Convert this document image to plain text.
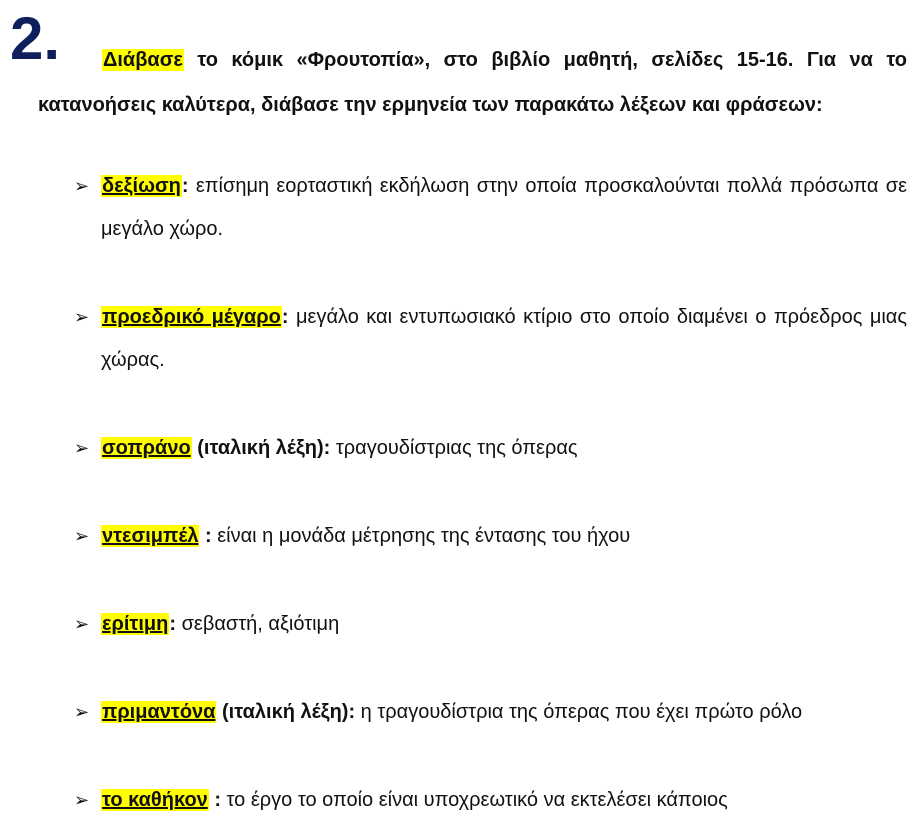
2.	Διάβασε το κόμικ «Φρουτοπία», στο βιβλίο μαθητή, σελίδες 15-16. Για να το κατανοήσεις καλύτερα, διάβασε την ερμηνεία των παρακάτω λέξεων και φράσεων:

➢ δεξίωση: επίσημη εορταστική εκδήλωση στην οποία προσκαλούνται πολλά πρόσωπα σε μεγάλο χώρο.
➢ προεδρικό μέγαρο: μεγάλο και εντυπωσιακό κτίριο στο οποίο διαμένει ο πρόεδρος μιας χώρας.
➢ σοπράνο (ιταλική λέξη): τραγουδίστριας της όπερας
➢ ντεσιμπέλ : είναι η μονάδα μέτρησης της έντασης του ήχου
➢ ερίτιμη: σεβαστή, αξιότιμη
➢ πριμαντόνα (ιταλική λέξη): η τραγουδίστρια της όπερας που έχει πρώτο ρόλο
➢ το καθήκον : το έργο το οποίο είναι υποχρεωτικό να εκτελέσει κάποιος
